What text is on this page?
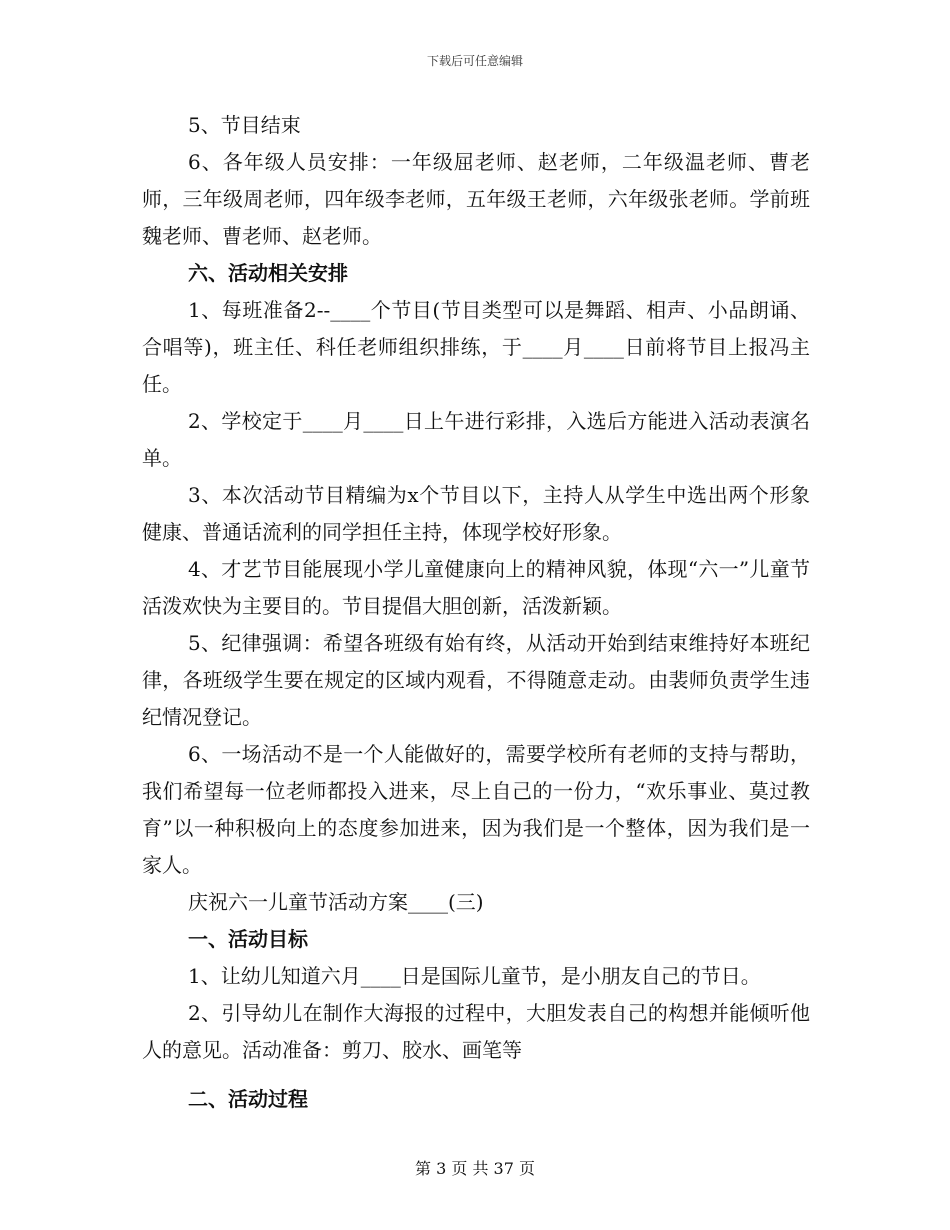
下载后可任意编辑

5、节目结束

6、各年级人员安排：一年级屈老师、赵老师，二年级温老师、曹老师，三年级周老师，四年级李老师，五年级王老师，六年级张老师。学前班魏老师、曹老师、赵老师。

六、活动相关安排

1、每班准备2--____个节目(节目类型可以是舞蹈、相声、小品朗诵、合唱等)，班主任、科任老师组织排练，于____月____日前将节目上报冯主任。

2、学校定于____月____日上午进行彩排，入选后方能进入活动表演名单。

3、本次活动节目精编为x个节目以下，主持人从学生中选出两个形象健康、普通话流利的同学担任主持，体现学校好形象。

4、才艺节目能展现小学儿童健康向上的精神风貌，体现“六一”儿童节活泼欢快为主要目的。节目提倡大胆创新，活泼新颖。

5、纪律强调：希望各班级有始有终，从活动开始到结束维持好本班纪律，各班级学生要在规定的区域内观看，不得随意走动。由裴师负责学生违纪情况登记。

6、一场活动不是一个人能做好的，需要学校所有老师的支持与帮助，我们希望每一位老师都投入进来，尽上自己的一份力，“欢乐事业、莫过教育”以一种积极向上的态度参加进来，因为我们是一个整体，因为我们是一家人。

庆祝六一儿童节活动方案____(三)

一、活动目标

1、让幼儿知道六月____日是国际儿童节，是小朋友自己的节日。

2、引导幼儿在制作大海报的过程中，大胆发表自己的构想并能倾听他人的意见。活动准备：剪刀、胶水、画笔等

二、活动过程

第 3 页 共 37 页
